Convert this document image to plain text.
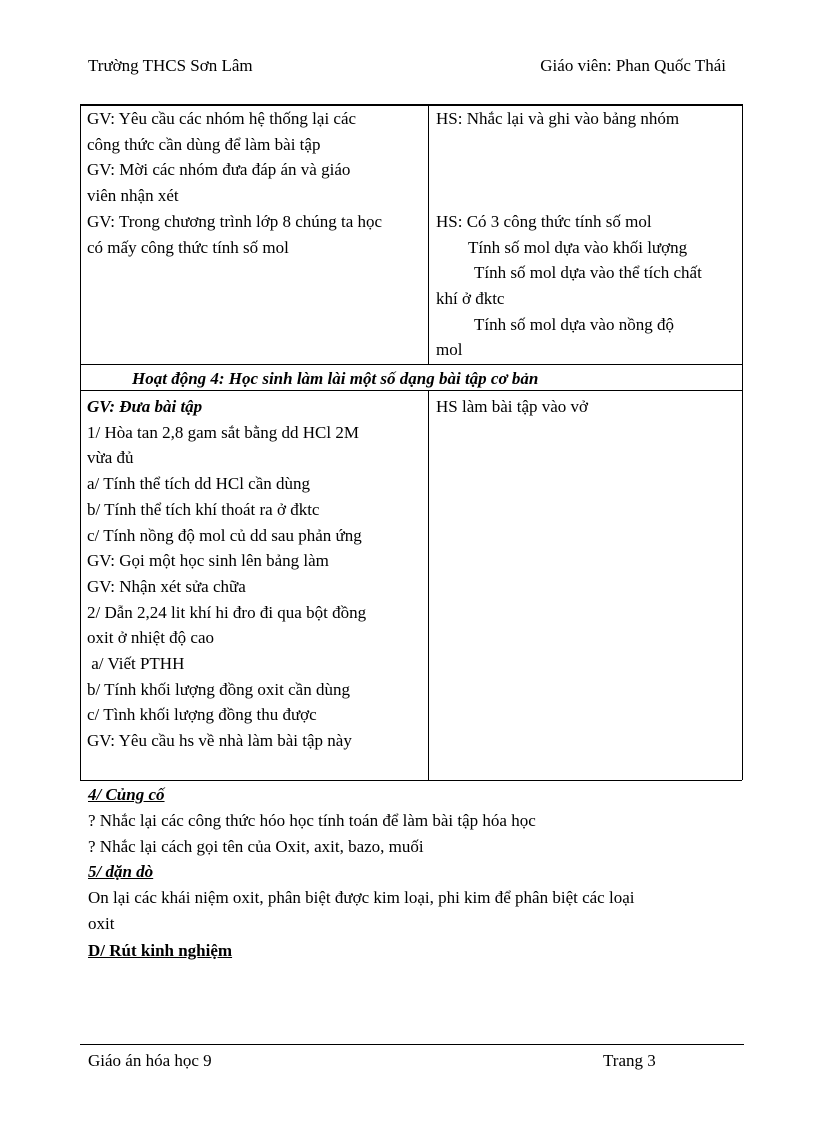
Trường THCS Sơn Lâm	Giáo viên: Phan Quốc Thái
GV: Yêu cầu các nhóm hệ thống lại các
công thức cần dùng để làm bài tập
GV: Mời các nhóm đưa đáp án và giáo
viên nhận xét
GV: Trong chương trình lớp 8 chúng ta học
có mấy công thức tính số mol
HS: Nhắc lại và ghi vào bảng nhóm

HS: Có 3 công thức tính số mol
Tính số mol dựa vào khối lượng
Tính số mol dựa vào thể tích chất
khí ở đktc
Tính số mol dựa vào nồng độ
mol
Hoạt động 4: Học sinh làm lài một số dạng bài tập cơ bản
GV: Đưa bài tập
1/ Hòa tan 2,8 gam sắt bằng dd HCl 2M
vừa đủ
a/ Tính thể tích dd HCl cần dùng
b/ Tính thể tích khí thoát ra ở đktc
c/ Tính nồng độ mol củ dd sau phản ứng
GV: Gọi một học sinh lên bảng làm
GV: Nhận xét sửa chữa
2/ Dẫn 2,24 lit khí hi đro đi qua bột đồng
oxit ở nhiệt độ cao
a/ Viết PTHH
b/ Tính khối lượng đồng oxit cần dùng
c/ Tình khối lượng đồng thu được
GV: Yêu cầu hs về nhà làm bài tập này
HS làm bài tập vào vở
4/ Củng cố
? Nhắc lại các công thức hóo học tính toán để làm bài tập hóa học
? Nhắc lại cách gọi tên của Oxit, axit, bazo, muối
5/ dặn dò
On lại các khái niệm oxit, phân biệt được kim loại, phi kim để phân biệt các loại
oxit
D/ Rút kinh nghiệm
Giáo án hóa học 9	Trang 3
